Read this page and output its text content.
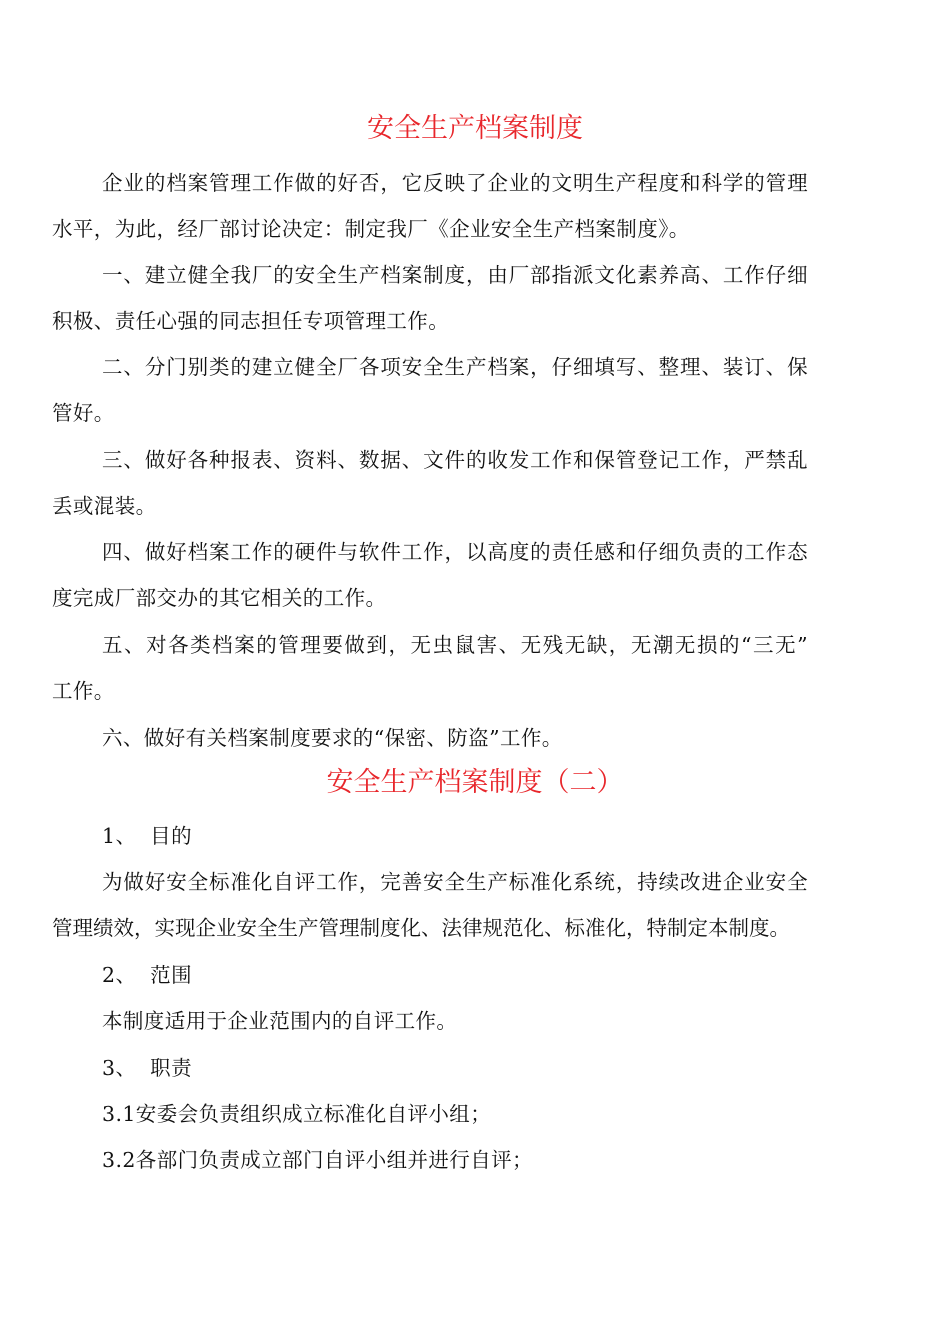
安全生产档案制度
企业的档案管理工作做的好否，它反映了企业的文明生产程度和科学的管理
水平，为此，经厂部讨论决定：制定我厂《企业安全生产档案制度》。
一、建立健全我厂的安全生产档案制度，由厂部指派文化素养高、工作仔细
积极、责任心强的同志担任专项管理工作。
二、分门别类的建立健全厂各项安全生产档案，仔细填写、整理、装订、保
管好。
三、做好各种报表、资料、数据、文件的收发工作和保管登记工作，严禁乱
丢或混装。
四、做好档案工作的硬件与软件工作，以高度的责任感和仔细负责的工作态
度完成厂部交办的其它相关的工作。
五、对各类档案的管理要做到，无虫鼠害、无残无缺，无潮无损的“三无”
工作。
六、做好有关档案制度要求的“保密、防盗”工作。
安全生产档案制度（二）
1、  目的
为做好安全标准化自评工作，完善安全生产标准化系统，持续改进企业安全
管理绩效，实现企业安全生产管理制度化、法律规范化、标准化，特制定本制度。
2、  范围
本制度适用于企业范围内的自评工作。
3、  职责
3.1安委会负责组织成立标准化自评小组；
3.2各部门负责成立部门自评小组并进行自评；
